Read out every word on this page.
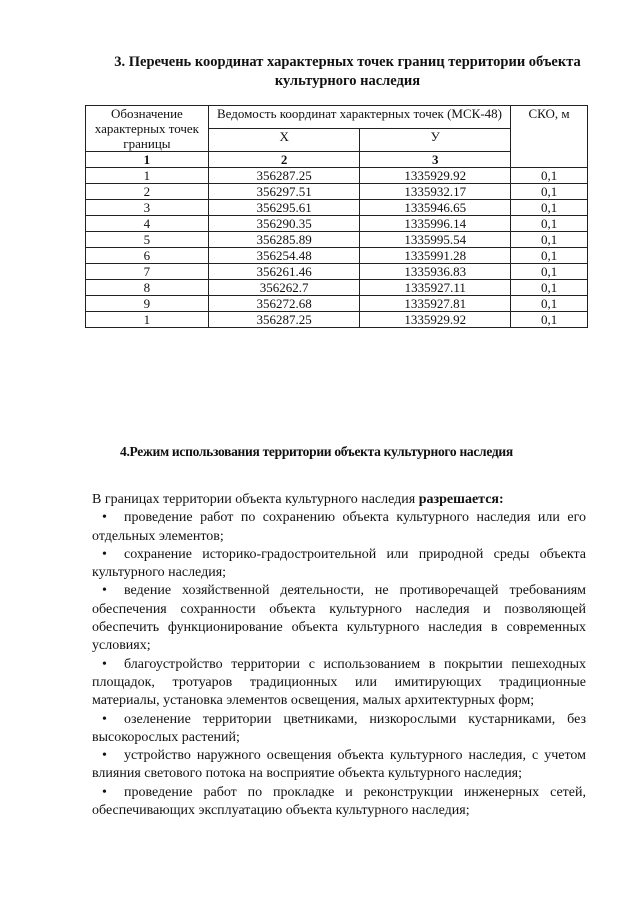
3. Перечень координат характерных точек границ территории объекта культурного наследия
Обозначение характерных точек границы	Ведомость координат характерных точек (МСК-48)		СКО, м
	Х	У	
1	2	3	
1	356287.25	1335929.92	0,1
2	356297.51	1335932.17	0,1
3	356295.61	1335946.65	0,1
4	356290.35	1335996.14	0,1
5	356285.89	1335995.54	0,1
6	356254.48	1335991.28	0,1
7	356261.46	1335936.83	0,1
8	356262.7	1335927.11	0,1
9	356272.68	1335927.81	0,1
1	356287.25	1335929.92	0,1
4.Режим использования территории объекта культурного наследия

В границах территории объекта культурного наследия разрешается:

• проведение работ по сохранению объекта культурного наследия или его отдельных элементов;
• сохранение историко-градостроительной или природной среды объекта культурного наследия;
• ведение хозяйственной деятельности, не противоречащей требованиям обеспечения сохранности объекта культурного наследия и позволяющей обеспечить функционирование объекта культурного наследия в современных условиях;
• благоустройство территории с использованием в покрытии пешеходных площадок, тротуаров традиционных или имитирующих традиционные материалы, установка элементов освещения, малых архитектурных форм;
• озеленение территории цветниками, низкорослыми кустарниками, без высокорослых растений;
• устройство наружного освещения объекта культурного наследия, с учетом влияния светового потока на восприятие объекта культурного наследия;
• проведение работ по прокладке и реконструкции инженерных сетей, обеспечивающих эксплуатацию объекта культурного наследия;
